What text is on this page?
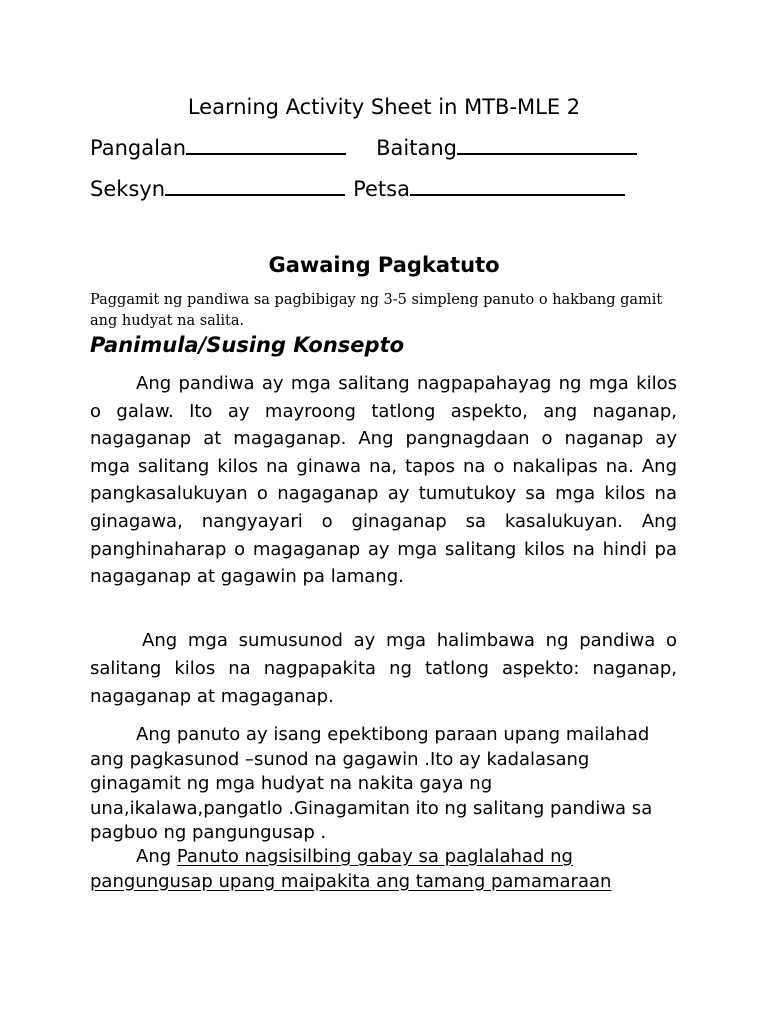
Learning Activity Sheet in MTB-MLE 2
Pangalan	Baitang
Seksyn	Petsa
Gawaing Pagkatuto
Paggamit ng pandiwa sa pagbibigay ng 3-5 simpleng panuto o hakbang gamit ang hudyat na salita.
Panimula/Susing Konsepto
Ang pandiwa ay mga salitang nagpapahayag ng mga kilos o galaw. Ito ay mayroong tatlong aspekto, ang naganap, nagaganap at magaganap. Ang pangnagdaan o naganap ay mga salitang kilos na ginawa na, tapos na o nakalipas na. Ang pangkasalukuyan o nagaganap ay tumutukoy sa mga kilos na ginagawa, nangyayari o ginaganap sa kasalukuyan. Ang panghinaharap o magaganap ay mga salitang kilos na hindi pa nagaganap at gagawin pa lamang.
Ang mga sumusunod ay mga halimbawa ng pandiwa o salitang kilos na nagpapakita ng tatlong aspekto: naganap, nagaganap at magaganap.
Ang panuto ay isang epektibong paraan upang mailahad ang pagkasunod –sunod na gagawin .Ito ay kadalasang ginagamit ng mga hudyat na nakita gaya ng una,ikalawa,pangatlo .Ginagamitan ito ng salitang pandiwa sa pagbuo ng pangungusap .
Ang Panuto nagsisilbing gabay sa paglalahad ng pangungusap upang maipakita ang tamang pamamaraan
